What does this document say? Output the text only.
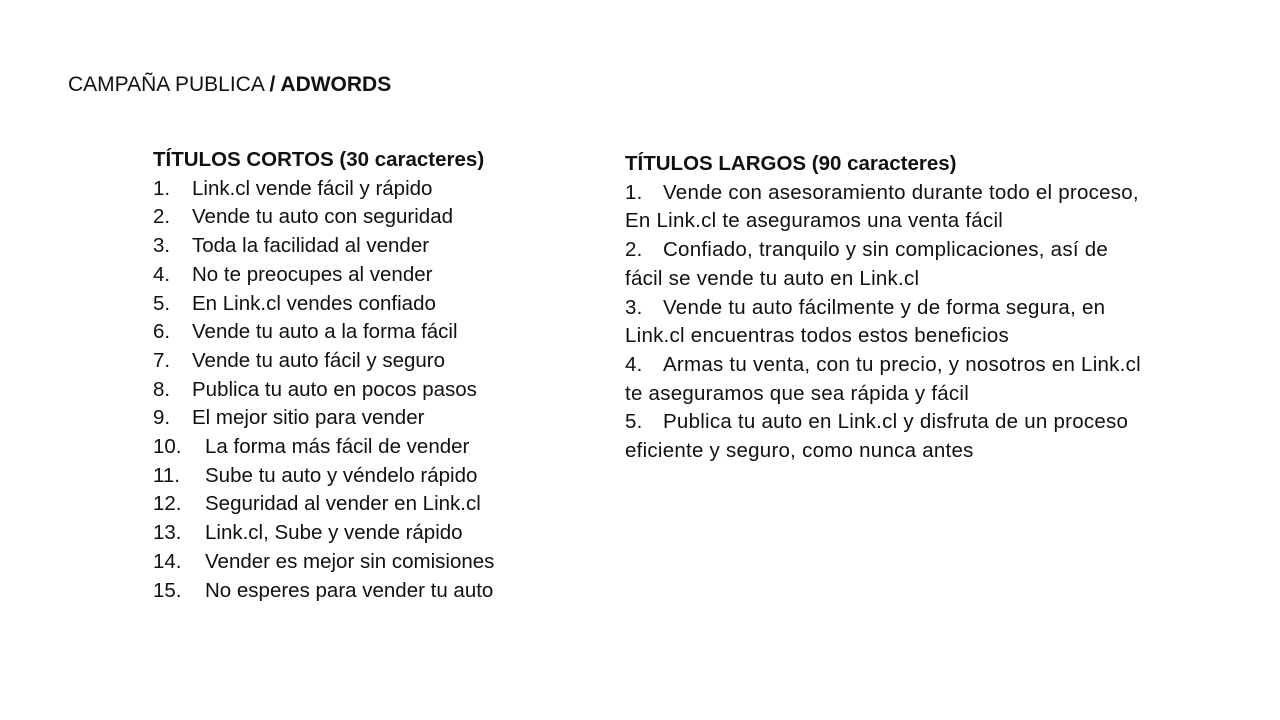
CAMPAÑA PUBLICA / ADWORDS
TÍTULOS CORTOS (30 caracteres)
1.	Link.cl vende fácil y rápido
2.	Vende tu auto con seguridad
3.	Toda la facilidad al vender
4.	No te preocupes al vender
5.	En Link.cl vendes confiado
6.	Vende tu auto a la forma fácil
7.	Vende tu auto fácil y seguro
8.	Publica tu auto en pocos pasos
9.	El mejor sitio para vender
10.	La forma más fácil de vender
11.	Sube tu auto y véndelo rápido
12.	Seguridad al vender en Link.cl
13.	Link.cl, Sube y vende rápido
14.	Vender es mejor sin comisiones
15.	No esperes para vender tu auto
TÍTULOS LARGOS (90 caracteres)
1. Vende con asesoramiento durante todo el proceso, En Link.cl te aseguramos una venta fácil
2. Confiado, tranquilo y sin complicaciones, así de fácil se vende tu auto en Link.cl
3. Vende tu auto fácilmente y de forma segura, en Link.cl encuentras todos estos beneficios
4. Armas tu venta, con tu precio, y nosotros en Link.cl te aseguramos que sea rápida y fácil
5. Publica tu auto en Link.cl y disfruta de un proceso eficiente y seguro, como nunca antes
